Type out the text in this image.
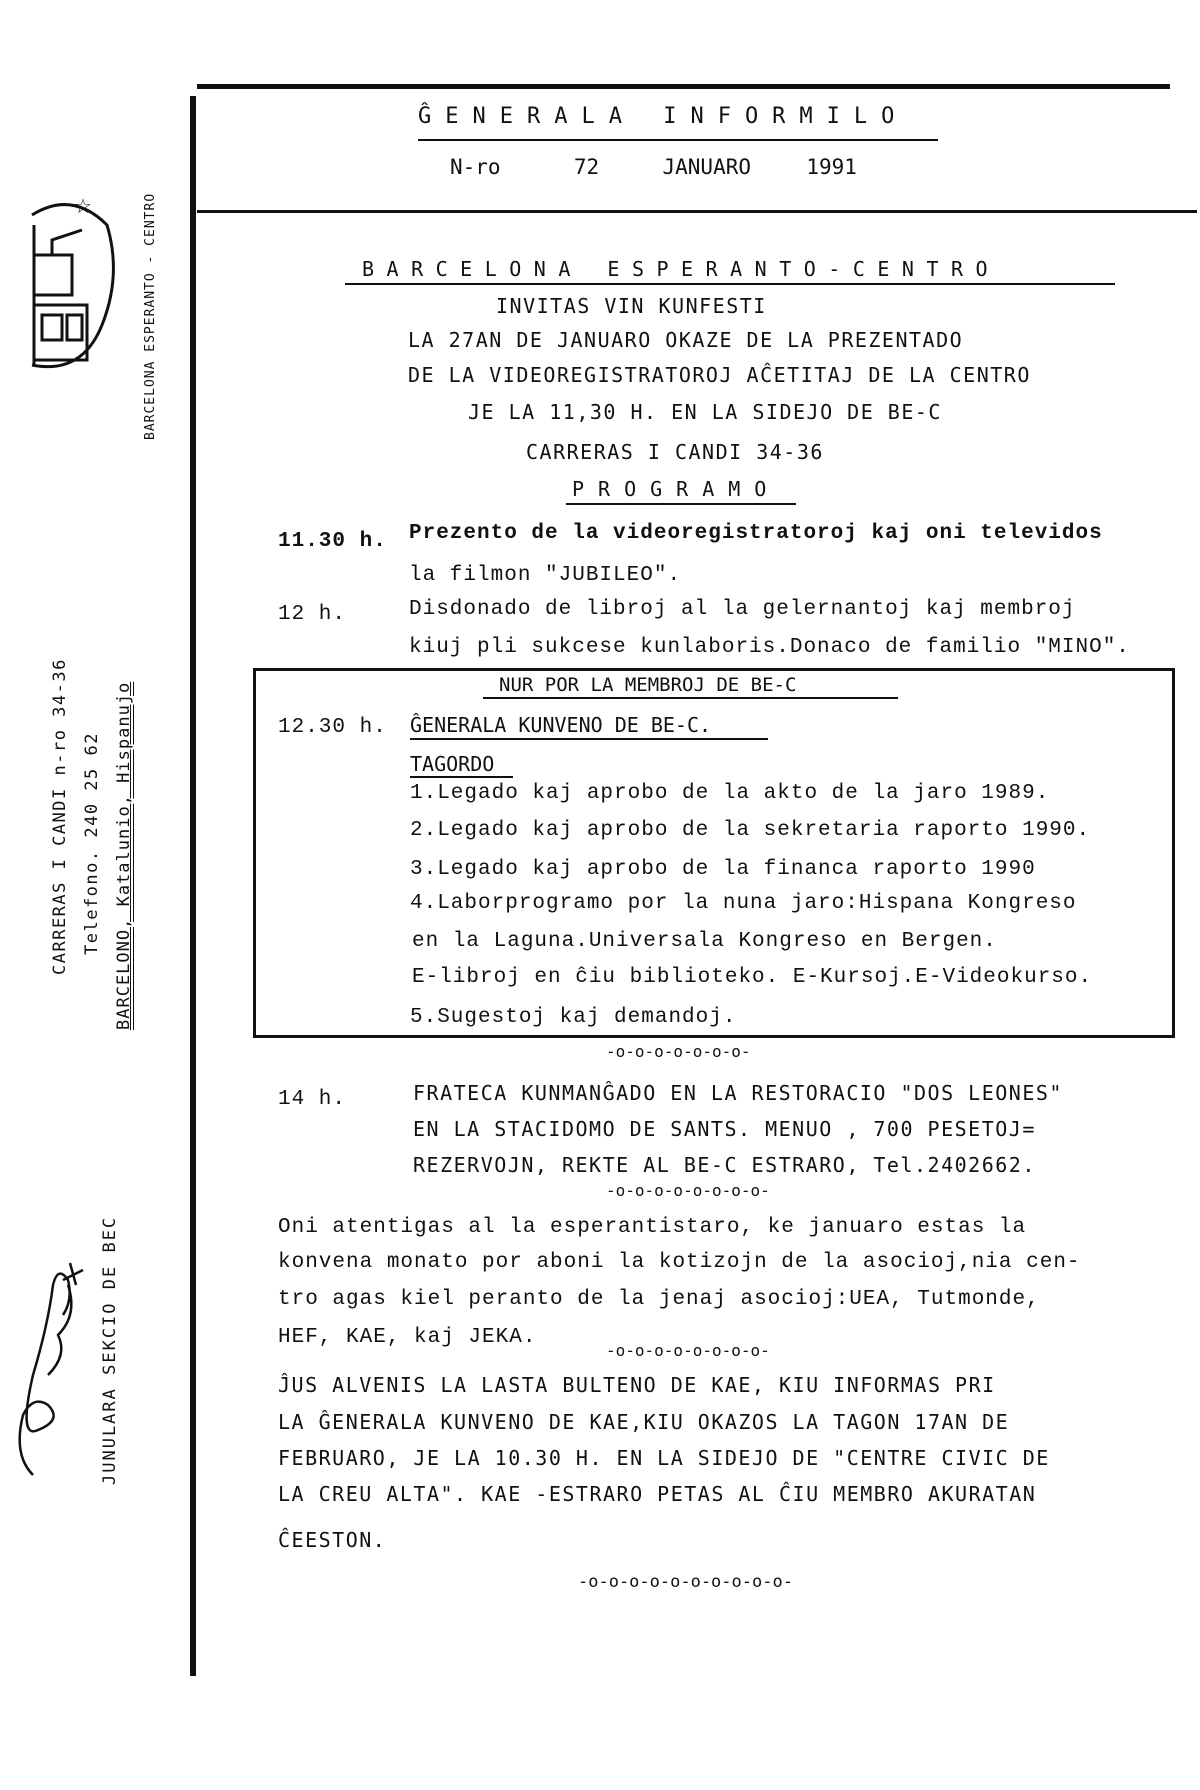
ĜENERALA INFORMILO
N-ro	72	JANUARO	1991
BARCELONA ESPERANTO-CENTRO
INVITAS VIN KUNFESTI
LA 27AN DE JANUARO OKAZE DE LA PREZENTADO
DE LA VIDEOREGISTRATOROJ AĈETITAJ DE LA CENTRO
JE LA 11,30 H. EN LA SIDEJO DE BE-C
CARRERAS I CANDI 34-36
PROGRAMO
11.30 h. Prezento de la videoregistratoroj kaj oni televidos
la filmon "JUBILEO".
12 h.	Disdonado de libroj al la gelernantoj kaj membroj
kiuj pli sukcese kunlaboris.Donaco de familio "MINO".
NUR POR LA MEMBROJ DE BE-C
12.30 h. ĜENERALA KUNVENO DE BE-C.
TAGORDO
1.Legado kaj aprobo de la akto de la jaro 1989.
2.Legado kaj aprobo de la sekretaria raporto 1990.
3.Legado kaj aprobo de la financa raporto 1990
4.Laborprogramo por la nuna jaro:Hispana Kongreso
en la Laguna.Universala Kongreso en Bergen.
E-libroj en ĉiu biblioteko. E-Kursoj.E-Videokurso.
5.Sugestoj kaj demandoj.
-o-o-o-o-o-o-o-
14 h.	FRATECA KUNMANĜADO EN LA RESTORACIO "DOS LEONES"
EN LA STACIDOMO DE SANTS. MENUO , 700 PESETOJ=
REZERVOJN, REKTE AL BE-C ESTRARO, Tel.2402662.
-o-o-o-o-o-o-o-o-
Oni atentigas al la esperantistaro, ke januaro estas la
konvena monato por aboni la kotizojn de la asocioj,nia cen-
tro agas kiel peranto de la jenaj asocioj:UEA, Tutmonde,
HEF, KAE, kaj JEKA.
-o-o-o-o-o-o-o-o-
ĴUS ALVENIS LA LASTA BULTENO DE KAE, KIU INFORMAS PRI
LA ĜENERALA KUNVENO DE KAE,KIU OKAZOS LA TAGON 17AN DE
FEBRUARO, JE LA 10.30 H. EN LA SIDEJO DE "CENTRE CIVIC DE
LA CREU ALTA". KAE -ESTRARO PETAS AL ĈIU MEMBRO AKURATAN
ĈEESTON.
-o-o-o-o-o-o-o-o-o-o-
☆	BARCELONA ESPERANTO - CENTRO
CARRERAS I CANDI n-ro 34-36 Telefono. 240 25 62 BARCELONO, Katalunio, Hispanujo
JUNULARA SEKCIO DE BEC
